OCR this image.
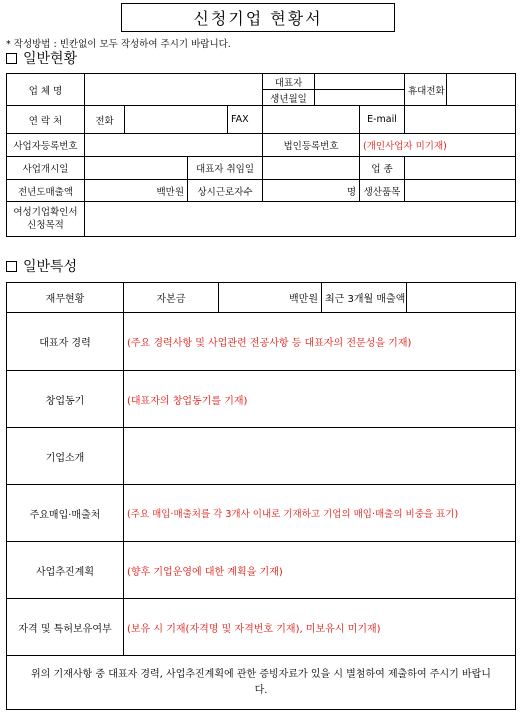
신청기업 현황서
* 작성방법 : 빈칸없이 모두 작성하여 주시기 바랍니다.
일반현황
업 체 명					대표자			휴대전화	
					생년월일				
연 락 처	전화			FAX			E-mail		
사업자등록번호					법인등록번호		(개인사업자 미기재)		
사업개시일			대표자 취임일				업 종		
전년도매출액	백만원		상시근로자수		명		생산품목		
여성기업확인서 신청목적									
일반특성
재무현황	자본금	백만원	최근 3개월 매출액	
대표자 경력	(주요 경력사항 및 사업관련 전공사항 등 대표자의 전문성을 기재)			
창업동기	(대표자의 창업동기를 기재)			
기업소개				
주요매입·매출처	(주요 매입·매출처를 각 3개사 이내로 기재하고 기업의 매입·매출의 비중을 표기)			
사업추진계획	(향후 기업운영에 대한 계획을 기재)			
자격 및 특허보유여부	(보유 시 기재(자격명 및 자격번호 기재), 미보유시 미기재)			
위의 기재사항 중 대표자 경력, 사업추진계획에 관한 증빙자료가 있을 시 별첨하여 제출하여 주시기 바랍니다.				
